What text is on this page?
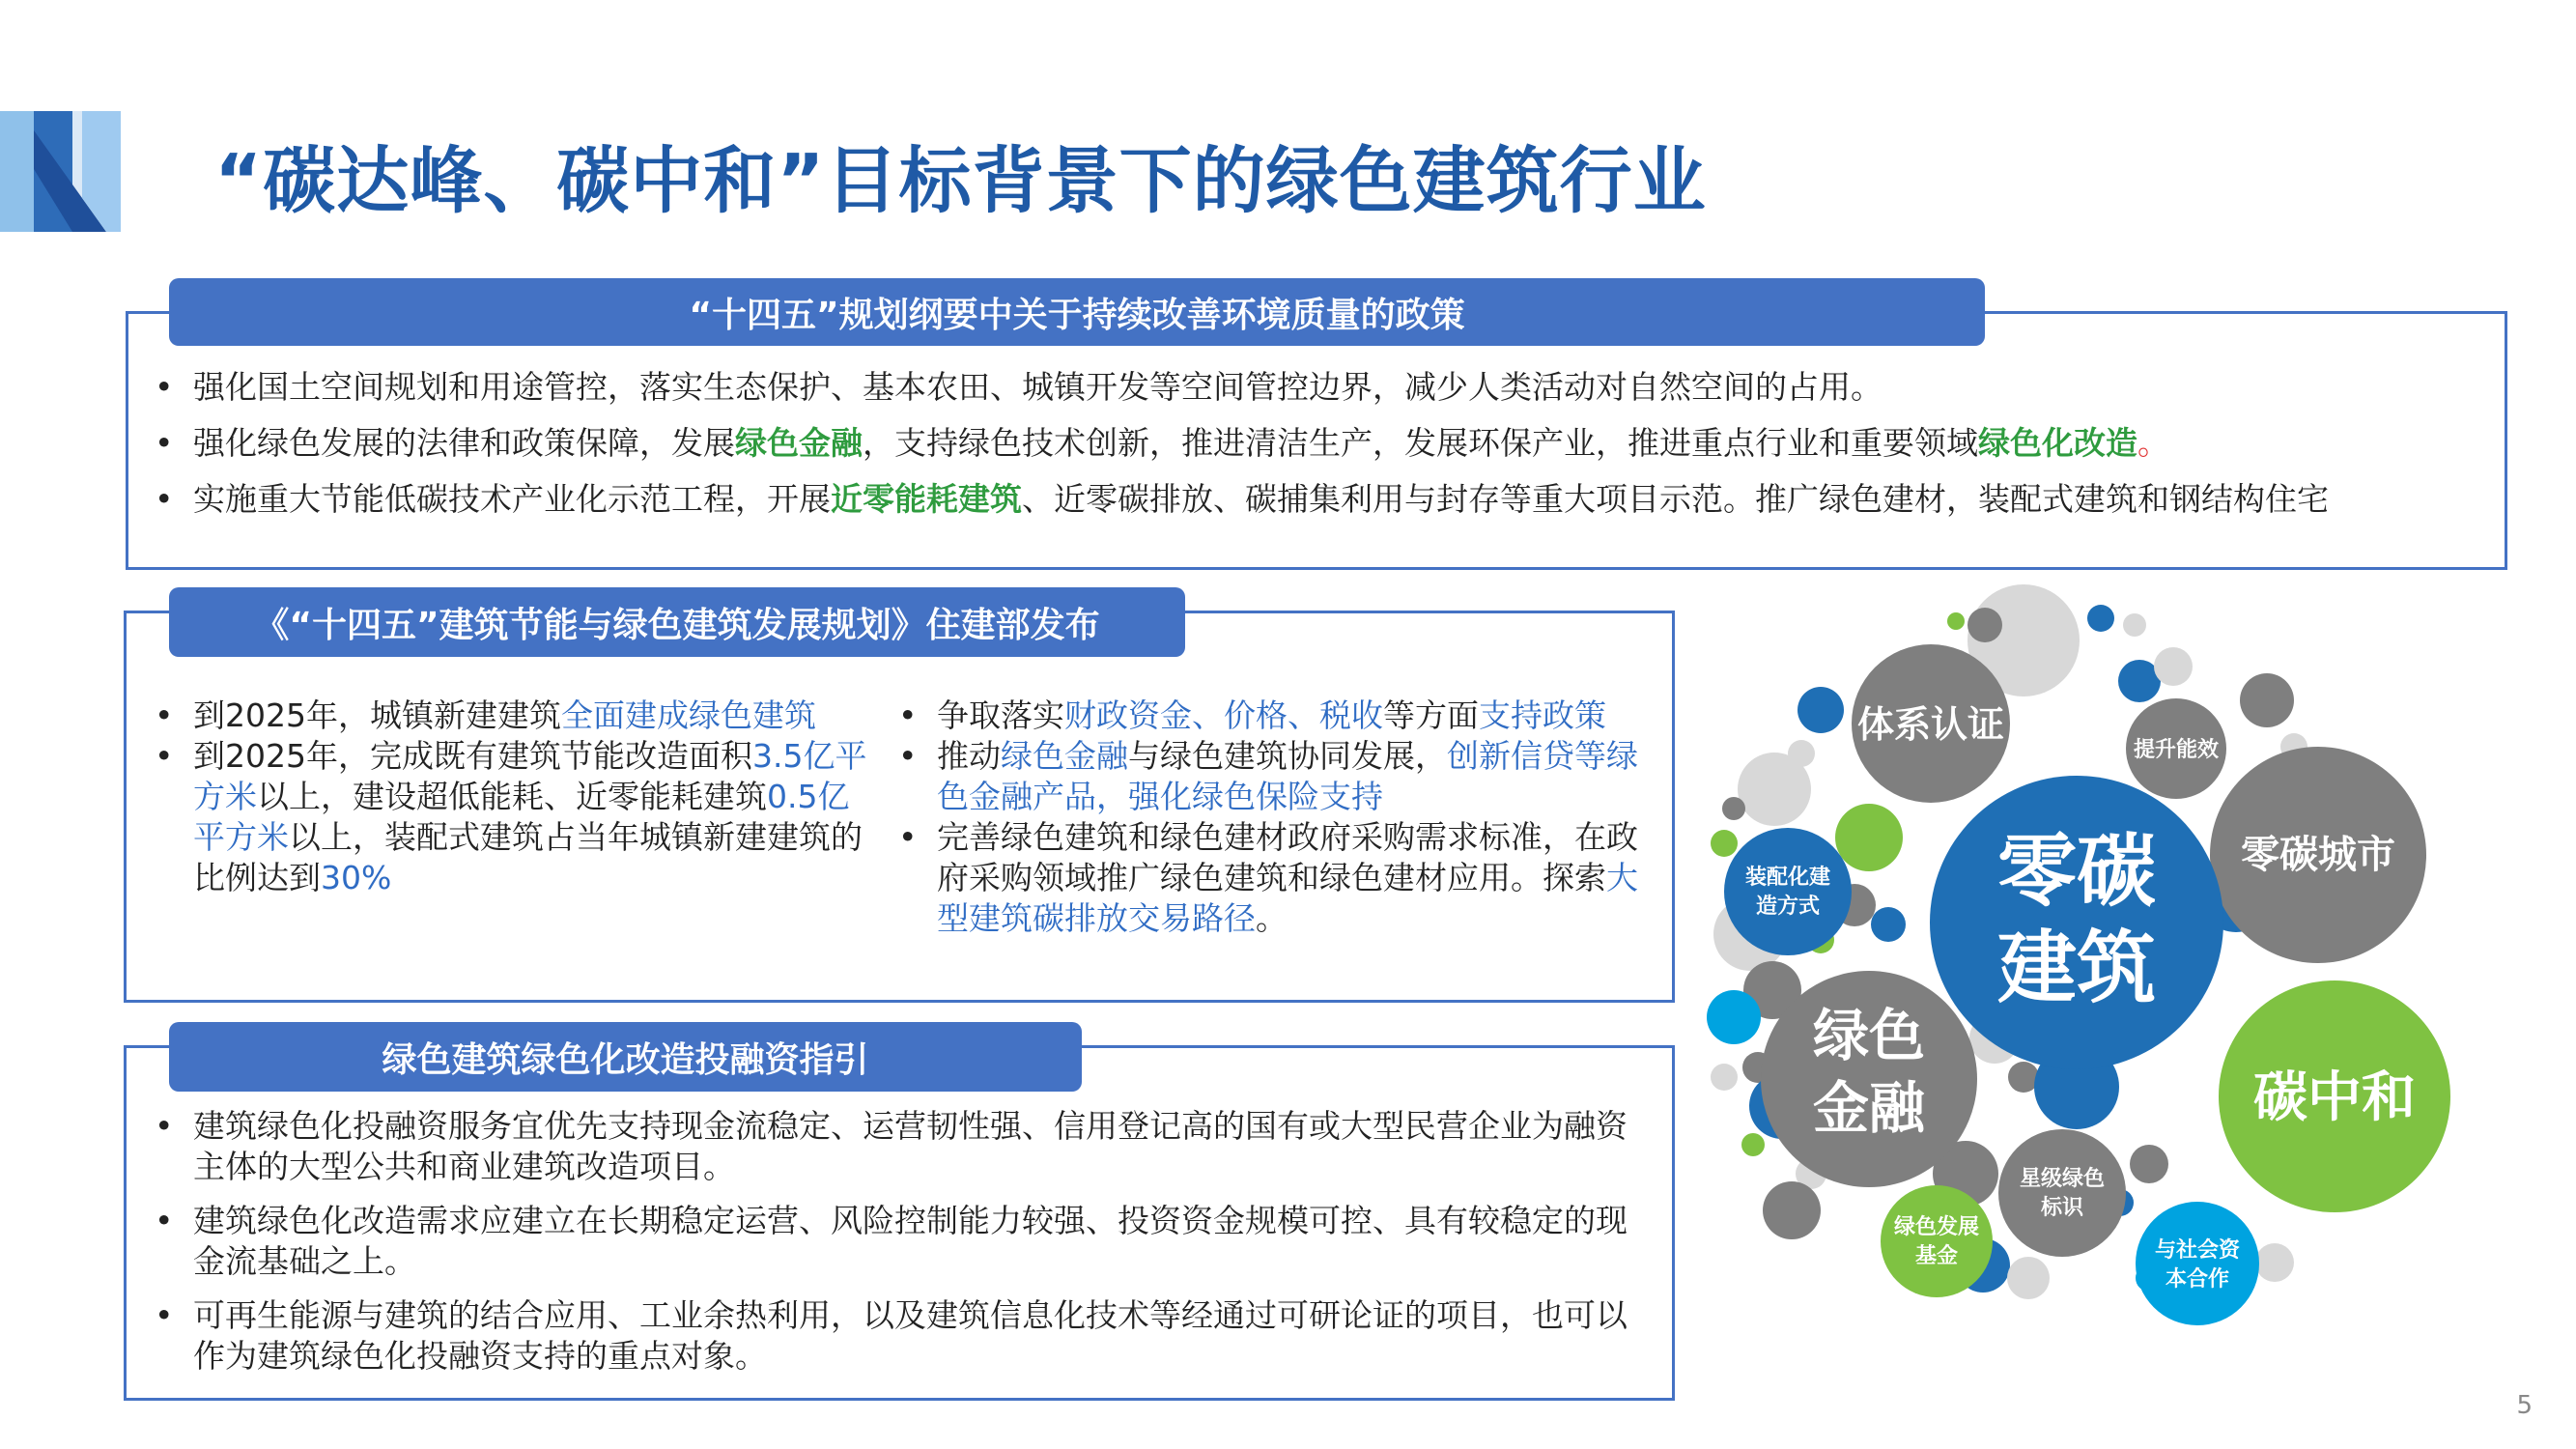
“碳达峰、碳中和”目标背景下的绿色建筑行业
“十四五”规划纲要中关于持续改善环境质量的政策
• 强化国土空间规划和用途管控，落实生态保护、基本农田、城镇开发等空间管控边界，减少人类活动对自然空间的占用。
• 强化绿色发展的法律和政策保障，发展绿色金融，支持绿色技术创新，推进清洁生产，发展环保产业，推进重点行业和重要领域绿色化改造。
• 实施重大节能低碳技术产业化示范工程，开展近零能耗建筑、近零碳排放、碳捕集利用与封存等重大项目示范。推广绿色建材，装配式建筑和钢结构住宅
《“十四五”建筑节能与绿色建筑发展规划》住建部发布
• 到2025年，城镇新建建筑全面建成绿色建筑
• 到2025年，完成既有建筑节能改造面积3.5亿平方米以上，建设超低能耗、近零能耗建筑0.5亿平方米以上，装配式建筑占当年城镇新建建筑的比例达到30%
• 争取落实财政资金、价格、税收等方面支持政策
• 推动绿色金融与绿色建筑协同发展，创新信贷等绿色金融产品，强化绿色保险支持
• 完善绿色建筑和绿色建材政府采购需求标准，在政府采购领域推广绿色建筑和绿色建材应用。探索大型建筑碳排放交易路径。
绿色建筑绿色化改造投融资指引
• 建筑绿色化投融资服务宜优先支持现金流稳定、运营韧性强、信用登记高的国有或大型民营企业为融资主体的大型公共和商业建筑改造项目。
• 建筑绿色化改造需求应建立在长期稳定运营、风险控制能力较强、投资资金规模可控、具有较稳定的现金流基础之上。
• 可再生能源与建筑的结合应用、工业余热利用，以及建筑信息化技术等经通过可研论证的项目，也可以作为建筑绿色化投融资支持的重点对象。
体系认证
提升能效
零碳城市
装配化建
造方式 零碳
建筑
绿色
金融	碳中和
星级绿色
标识
绿色发展
基金	与社会资
本合作
5
